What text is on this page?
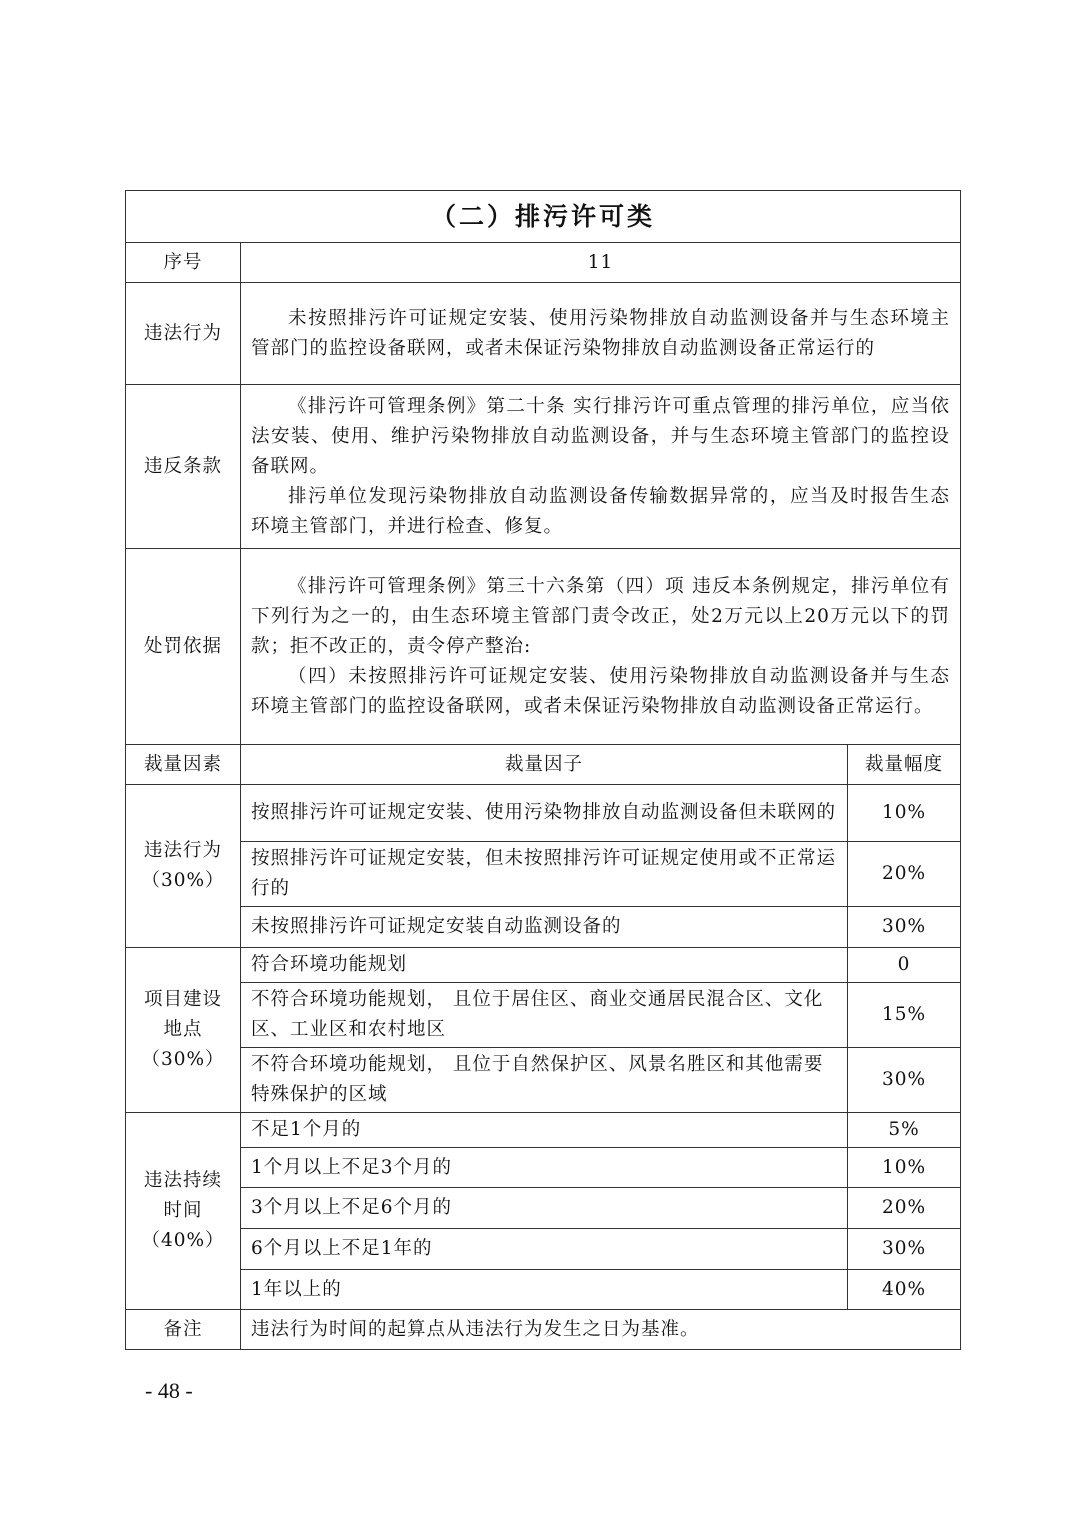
（二）排污许可类		
序号	11	
违法行为	未按照排污许可证规定安装、使用污染物排放自动监测设备并与生态环境主管部门的监控设备联网，或者未保证污染物排放自动监测设备正常运行的	

违反条款	《排污许可管理条例》第二十条 实行排污许可重点管理的排污单位，应当依法安装、使用、维护污染物排放自动监测设备，并与生态环境主管部门的监控设备联网。

排污单位发现污染物排放自动监测设备传输数据异常的，应当及时报告生态环境主管部门，并进行检查、修复。	

处罚依据	《排污许可管理条例》第三十六条第（四）项 违反本条例规定，排污单位有下列行为之一的，由生态环境主管部门责令改正，处2万元以上20万元以下的罚款；拒不改正的，责令停产整治:

（四）未按照排污许可证规定安装、使用污染物排放自动监测设备并与生态环境主管部门的监控设备联网，或者未保证污染物排放自动监测设备正常运行。	

裁量因素	裁量因子	裁量幅度

违法行为
（30%）	按照排污许可证规定安装、使用污染物排放自动监测设备但未联网的	10%
	按照排污许可证规定安装，但未按照排污许可证规定使用或不正常运行的	20%
	未按照排污许可证规定安装自动监测设备的	30%

项目建设
地点
（30%）	符合环境功能规划	0
	不符合环境功能规划， 且位于居住区、商业交通居民混合区、文化区、工业区和农村地区	15%
	不符合环境功能规划， 且位于自然保护区、风景名胜区和其他需要特殊保护的区域	30%

违法持续
时间
（40%）	不足1个月的	5%
	1个月以上不足3个月的	10%
	3个月以上不足6个月的	20%
	6个月以上不足1年的	30%
	1年以上的	40%
备注	违法行为时间的起算点从违法行为发生之日为基准。	
- 48 -
